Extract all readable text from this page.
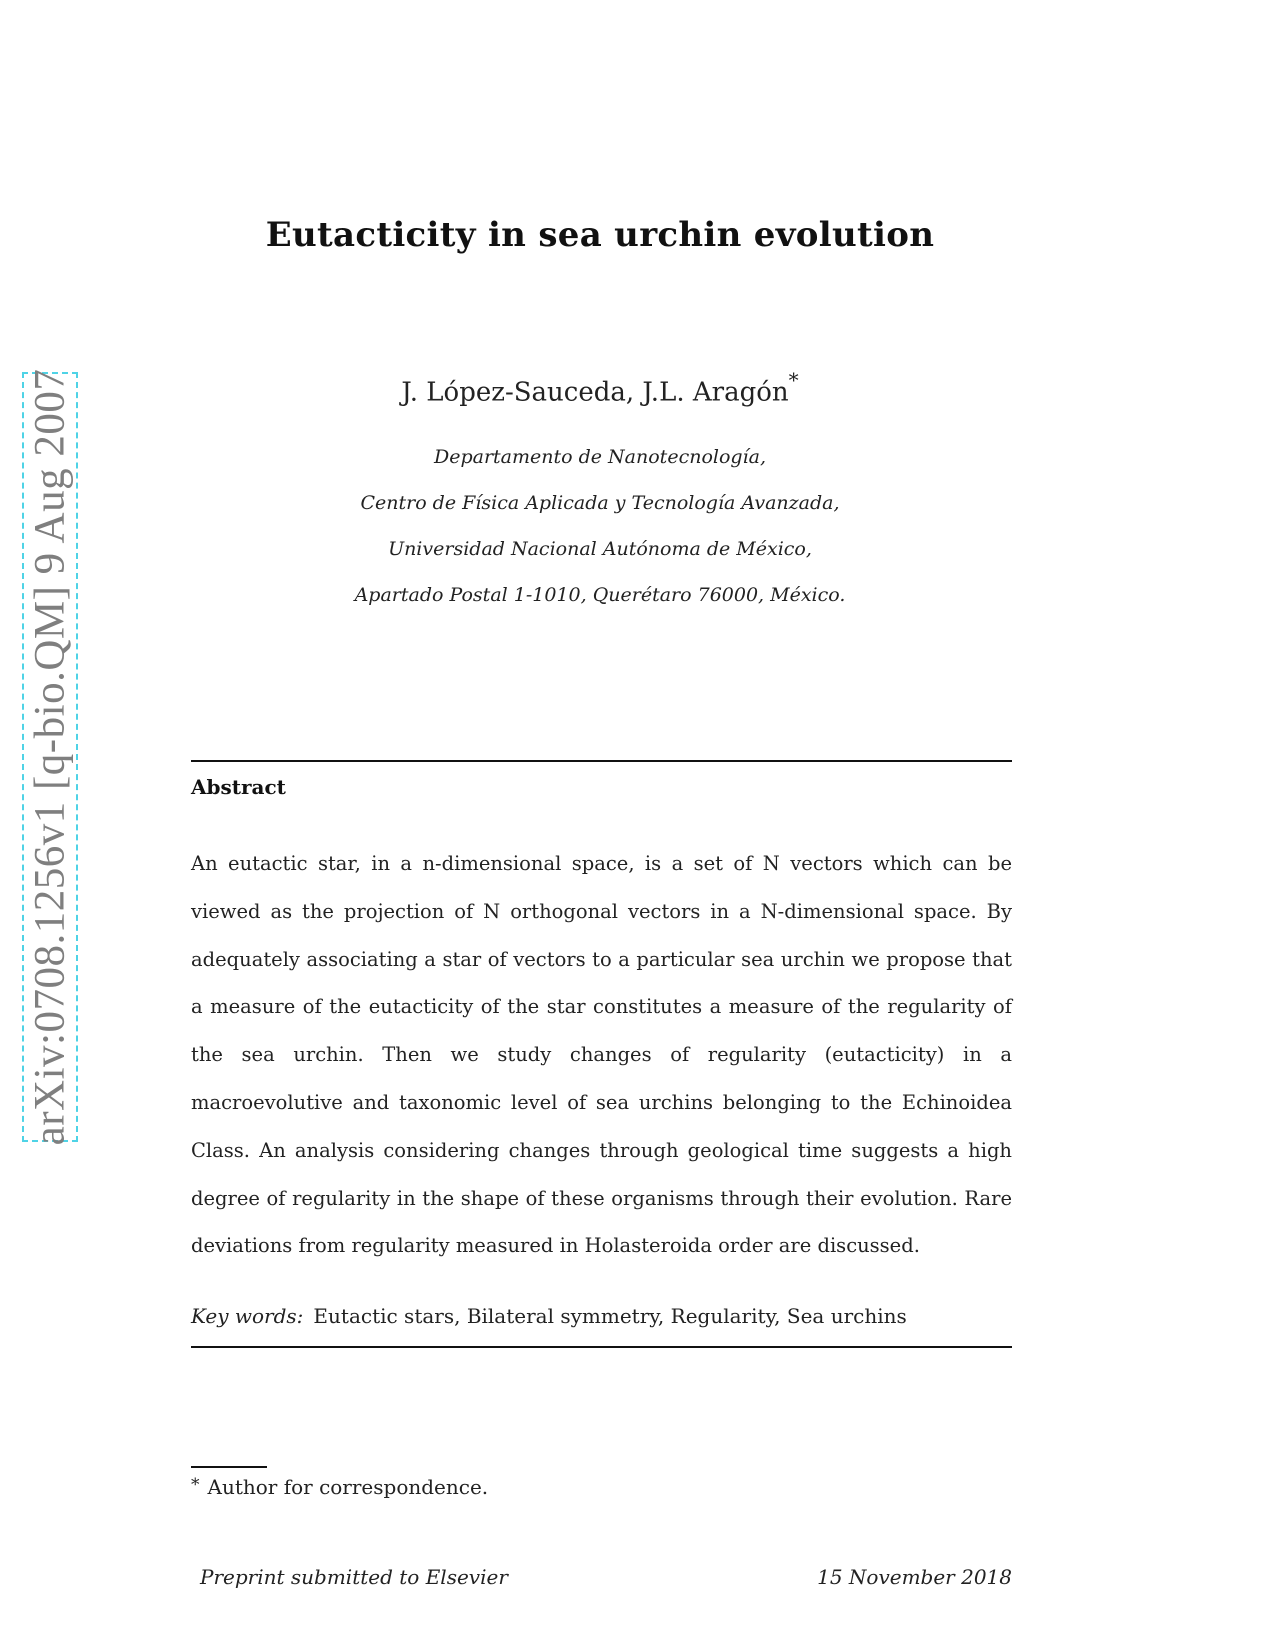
arXiv:0708.1256v1 [q-bio.QM] 9 Aug 2007
Eutacticity in sea urchin evolution
J. López-Sauceda, J.L. Aragón*
Departamento de Nanotecnología,
Centro de Física Aplicada y Tecnología Avanzada,
Universidad Nacional Autónoma de México,
Apartado Postal 1-1010, Querétaro 76000, México.
Abstract
An eutactic star, in a n-dimensional space, is a set of N vectors which can be viewed as the projection of N orthogonal vectors in a N-dimensional space. By adequately associating a star of vectors to a particular sea urchin we propose that a measure of the eutacticity of the star constitutes a measure of the regularity of the sea urchin. Then we study changes of regularity (eutacticity) in a macroevolutive and taxonomic level of sea urchins belonging to the Echinoidea Class. An analysis considering changes through geological time suggests a high degree of regularity in the shape of these organisms through their evolution. Rare deviations from regularity measured in Holasteroida order are discussed.
Key words: Eutactic stars, Bilateral symmetry, Regularity, Sea urchins
* Author for correspondence.
Preprint submitted to Elsevier	15 November 2018
